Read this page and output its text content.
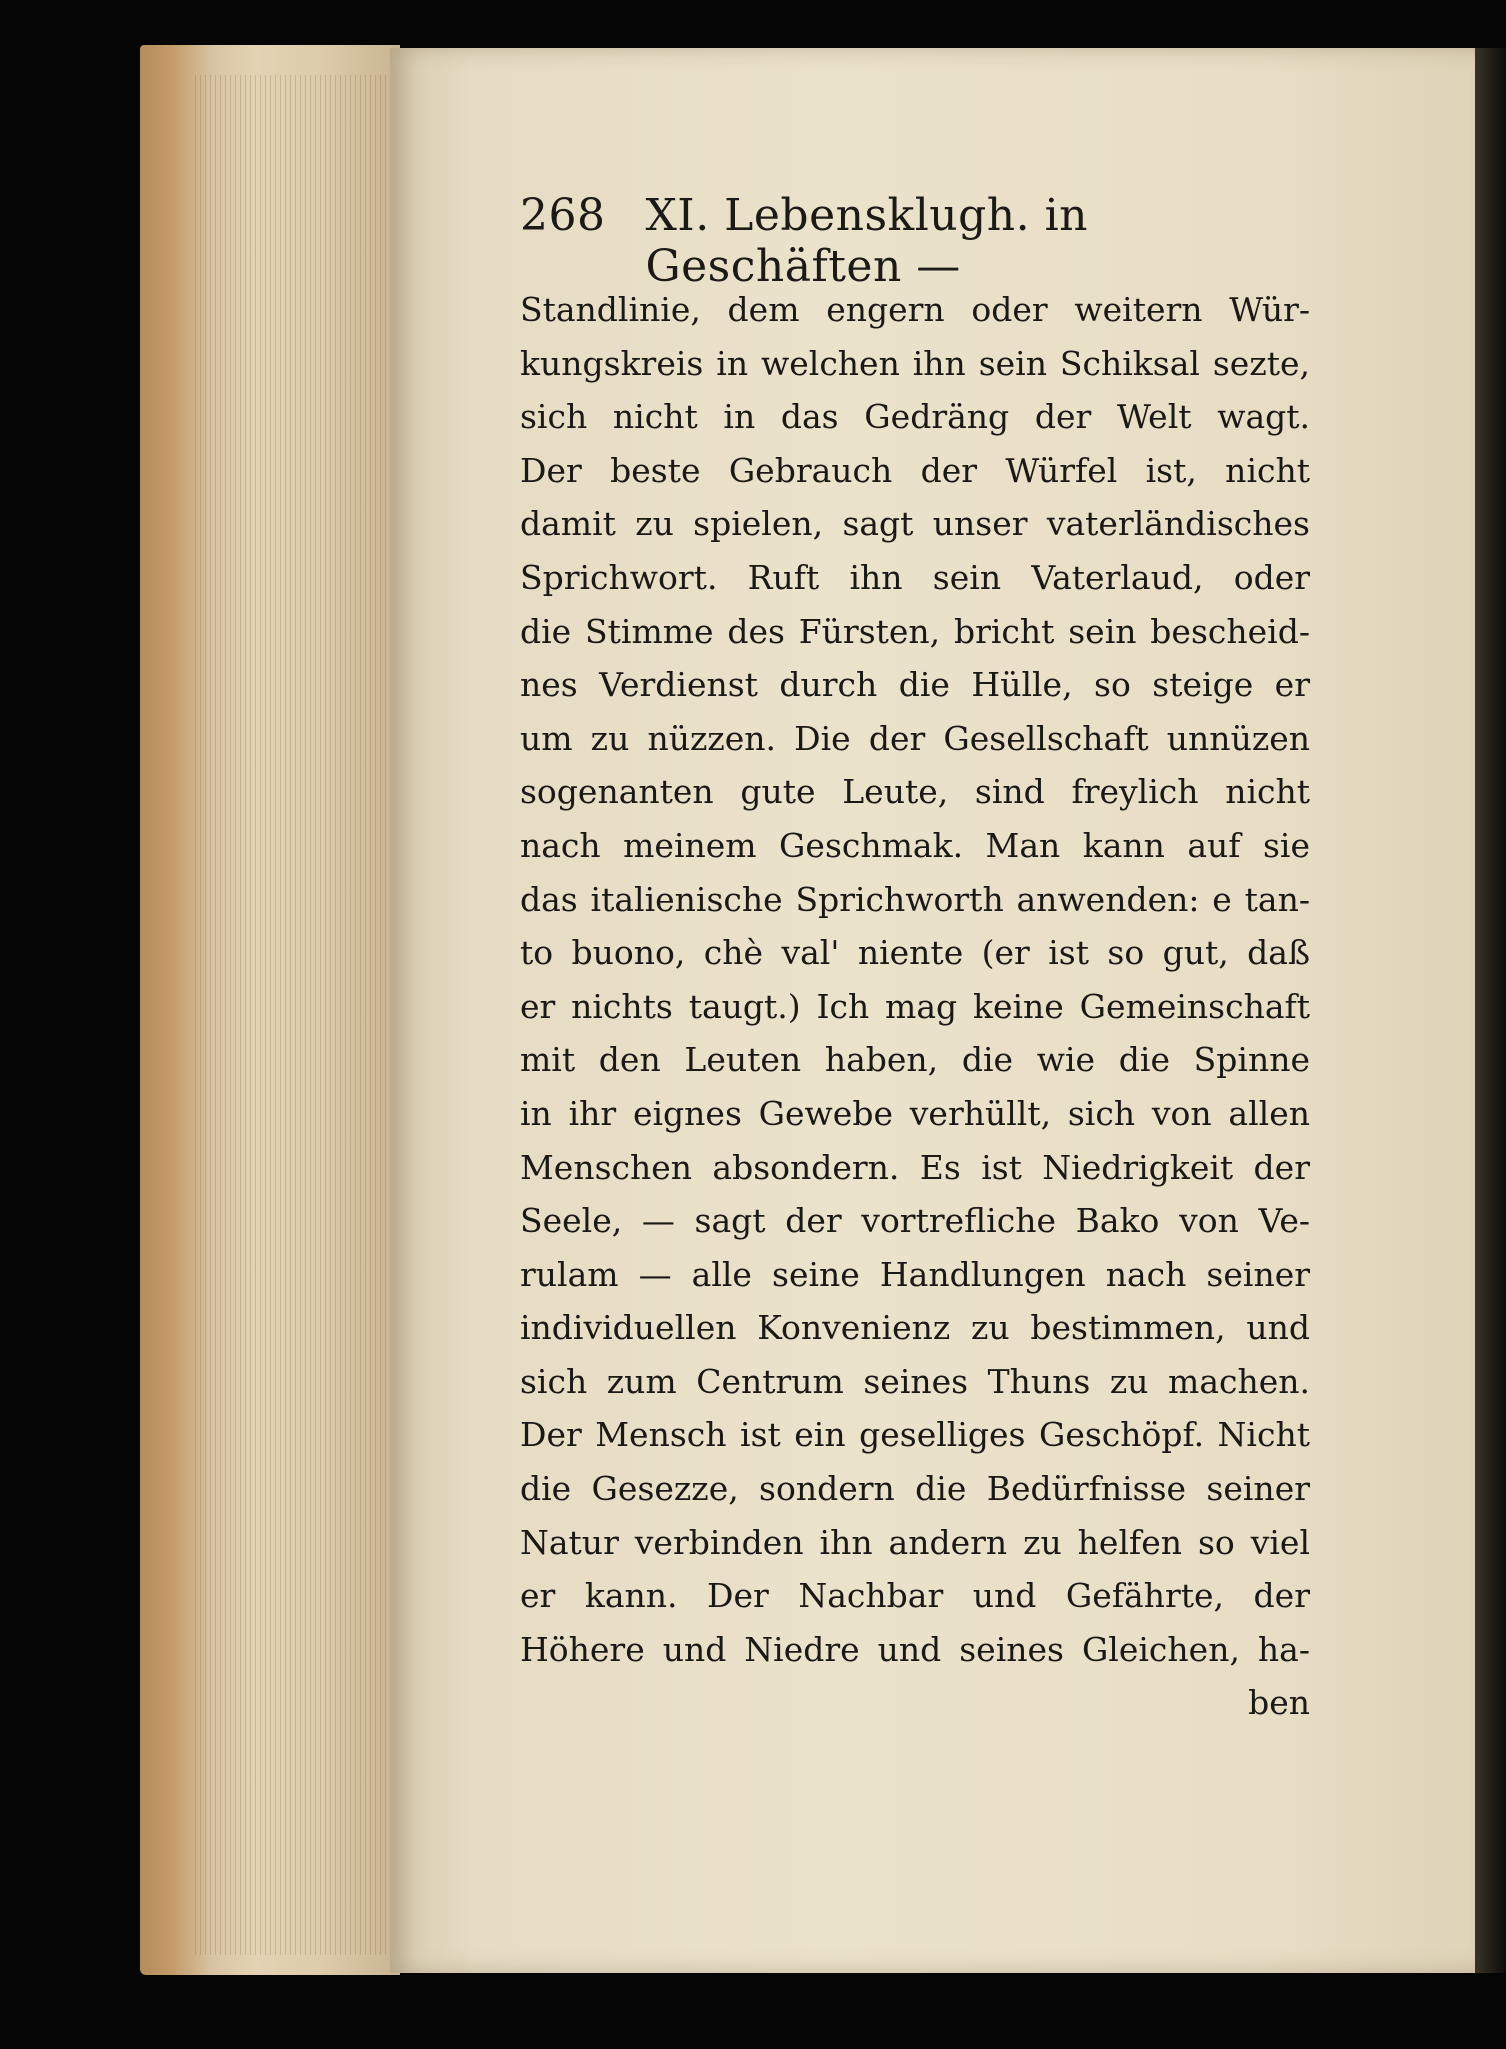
268 XI. Lebensklugh. in Geschäften —
Standlinie, dem engern oder weitern Wür-
kungskreis in welchen ihn sein Schiksal sezte,
sich nicht in das Gedräng der Welt wagt.
Der beste Gebrauch der Würfel ist, nicht
damit zu spielen, sagt unser vaterländisches
Sprichwort. Ruft ihn sein Vaterlaud, oder
die Stimme des Fürsten, bricht sein bescheid-
nes Verdienst durch die Hülle, so steige er
um zu nüzzen. Die der Gesellschaft unnüzen
sogenanten gute Leute, sind freylich nicht
nach meinem Geschmak. Man kann auf sie
das italienische Sprichworth anwenden: e tan-
to buono, chè val' niente (er ist so gut, daß
er nichts taugt.) Ich mag keine Gemeinschaft
mit den Leuten haben, die wie die Spinne
in ihr eignes Gewebe verhüllt, sich von allen
Menschen absondern. Es ist Niedrigkeit der
Seele, — sagt der vortrefliche Bako von Ve-
rulam — alle seine Handlungen nach seiner
individuellen Konvenienz zu bestimmen, und
sich zum Centrum seines Thuns zu machen.
Der Mensch ist ein geselliges Geschöpf. Nicht
die Gesezze, sondern die Bedürfnisse seiner
Natur verbinden ihn andern zu helfen so viel
er kann. Der Nachbar und Gefährte, der
Höhere und Niedre und seines Gleichen, ha-
ben
